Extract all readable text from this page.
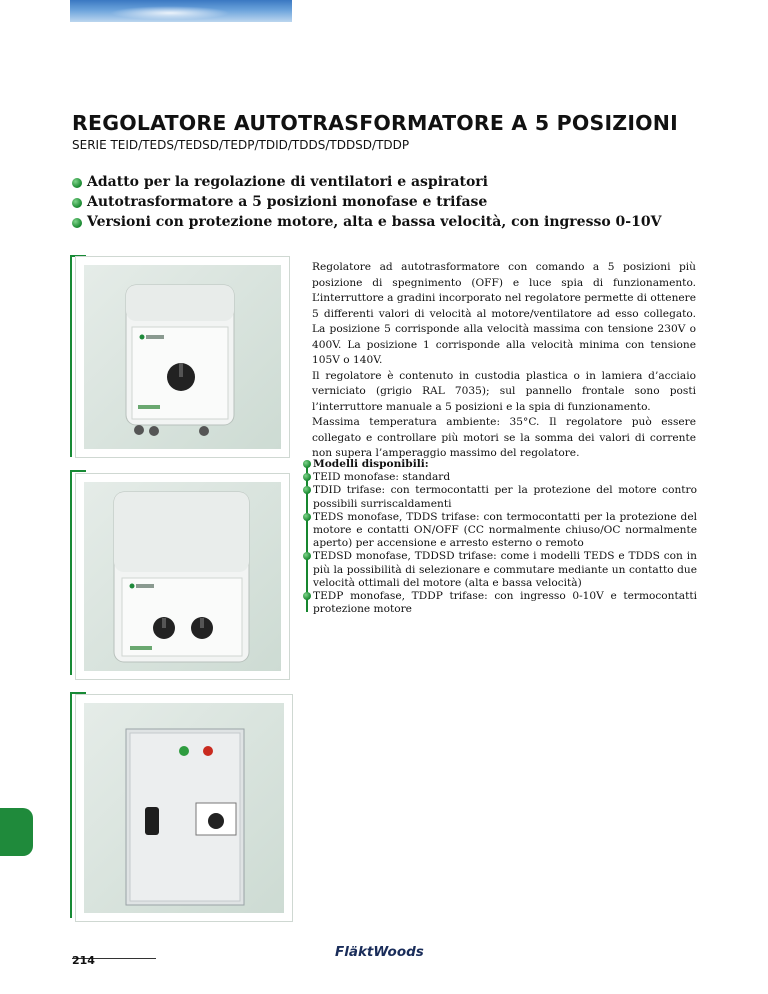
REGOLATORE AUTOTRASFORMATORE A 5 POSIZIONI
SERIE TEID/TEDS/TEDSD/TEDP/TDID/TDDS/TDDSD/TDDP
Adatto per la regolazione di ventilatori e aspiratori
Autotrasformatore a 5 posizioni monofase e trifase
Versioni con protezione motore, alta e bassa velocità, con ingresso 0-10V

Regolatore ad autotrasformatore con comando a 5 posizioni più posizione di spegnimento (OFF) e luce spia di funzionamento. L’interruttore a gradini incorporato nel regolatore permette di ottenere 5 differenti valori di velocità al motore/ventilatore ad esso collegato. La posizione 5 corrisponde alla velocità massima con tensione 230V o 400V. La posizione 1 corrisponde alla velocità minima con tensione 105V o 140V.

Il regolatore è contenuto in custodia plastica o in lamiera d’acciaio verniciato (grigio RAL 7035); sul pannello frontale sono posti l’interruttore manuale a 5 posizioni e la spia di funzionamento.

Massima temperatura ambiente: 35°C. Il regolatore può essere collegato e controllare più motori se la somma dei valori di corrente non supera l’amperaggio massimo del regolatore.

Modelli disponibili:
TEID monofase: standard
TDID trifase: con termocontatti per la protezione del motore contro possibili surriscaldamenti
TEDS monofase, TDDS trifase: con termocontatti per la protezione del motore e contatti ON/OFF (CC normalmente chiuso/OC normalmente aperto) per accensione e arresto esterno o remoto
TEDSD monofase, TDDSD trifase: come i modelli TEDS e TDDS con in più la possibilità di selezionare e commutare mediante un contatto due velocità ottimali del motore (alta e bassa velocità)
TEDP monofase, TDDP trifase: con ingresso 0-10V e termocontatti protezione motore
214
FläktWoods
